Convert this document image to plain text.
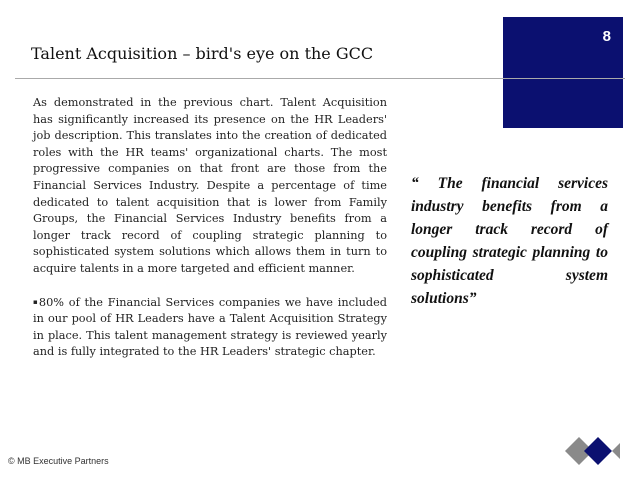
8
Talent Acquisition – bird's eye on the GCC

As demonstrated in the previous chart. Talent Acquisition has significantly increased its presence on the HR Leaders' job description. This translates into the creation of dedicated roles with the HR teams' organizational charts. The most progressive companies on that front are those from the Financial Services Industry. Despite a percentage of time dedicated to talent acquisition that is lower from Family Groups, the Financial Services Industry benefits from a longer track record of coupling strategic planning to sophisticated system solutions which allows them in turn to acquire talents in a more targeted and efficient manner.

▪80% of the Financial Services companies we have included in our pool of HR Leaders have a Talent Acquisition Strategy in place. This talent management strategy is reviewed yearly and is fully integrated to the HR Leaders' strategic chapter.

“ The financial services industry benefits from a longer track record of coupling strategic planning to sophisticated system solutions”
© MB Executive Partners
